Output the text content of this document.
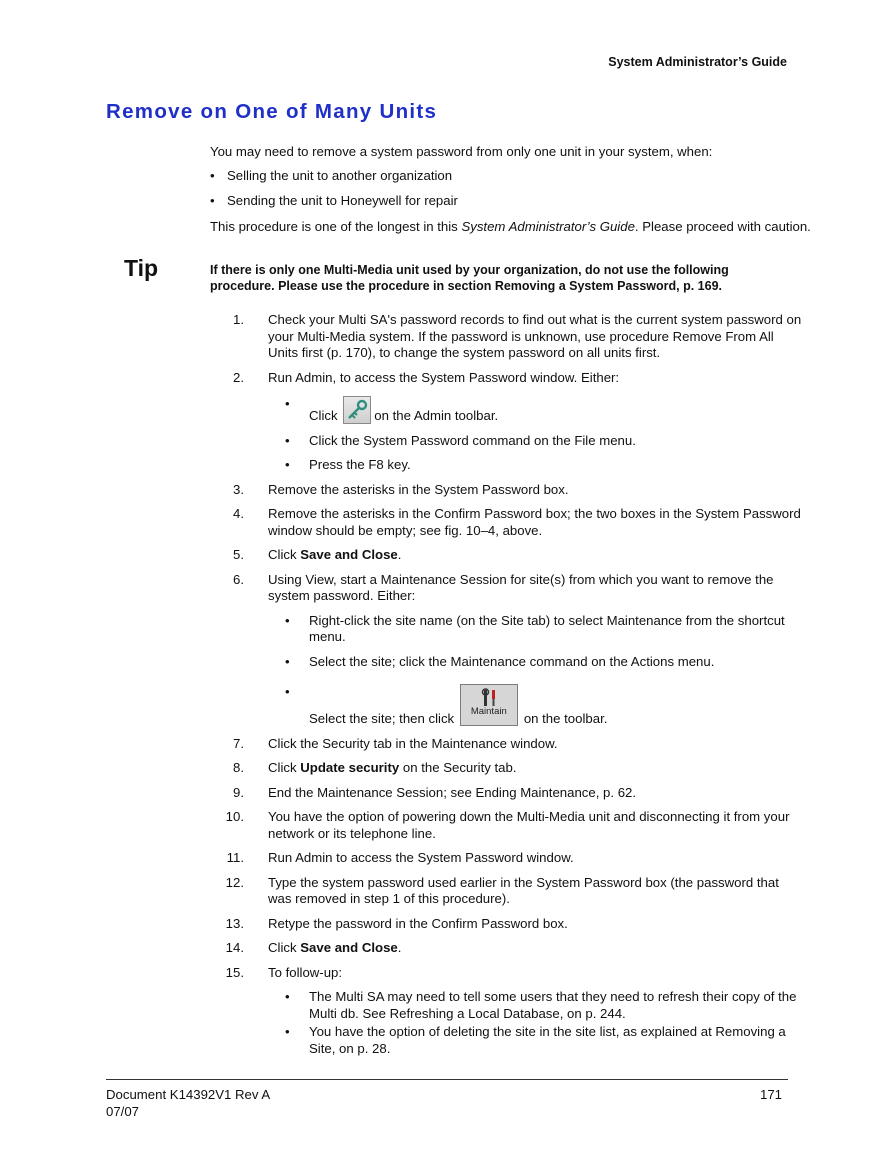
System Administrator’s Guide
Remove on One of Many Units

You may need to remove a system password from only one unit in your system, when:

• Selling the unit to another organization
• Sending the unit to Honeywell for repair

This procedure is one of the longest in this System Administrator’s Guide. Please proceed with caution.

Tip	If there is only one Multi-Media unit used by your organization, do not use the following procedure. Please use the procedure in section Removing a System Password, p. 169.
1. Check your Multi SA's password records to find out what is the current system password on your Multi-Media system. If the password is unknown, use procedure Remove From All Units first (p. 170), to change the system password on all units first.
2. Run Admin, to access the System Password window. Either:
• Click	on the Admin toolbar.
• Click the System Password command on the File menu.
• Press the F8 key.
3. Remove the asterisks in the System Password box.
4. Remove the asterisks in the Confirm Password box; the two boxes in the System Password window should be empty; see fig. 10–4, above.
5. Click Save and Close.
6. Using View, start a Maintenance Session for site(s) from which you want to remove the system password. Either:
• Right-click the site name (on the Site tab) to select Maintenance from the shortcut menu.
• Select the site; click the Maintenance command on the Actions menu.
• Select the site; then click	Maintain	on the toolbar.
7. Click the Security tab in the Maintenance window.
8. Click Update security on the Security tab.
9. End the Maintenance Session; see Ending Maintenance, p. 62.
10. You have the option of powering down the Multi-Media unit and disconnecting it from your network or its telephone line.
11. Run Admin to access the System Password window.
12. Type the system password used earlier in the System Password box (the password that was removed in step 1 of this procedure).
13. Retype the password in the Confirm Password box.
14. Click Save and Close.
15. To follow-up:
• The Multi SA may need to tell some users that they need to refresh their copy of the Multi db. See Refreshing a Local Database, on p. 244.
• You have the option of deleting the site in the site list, as explained at Removing a Site, on p. 28.
Document K14392V1 Rev A
07/07
171
